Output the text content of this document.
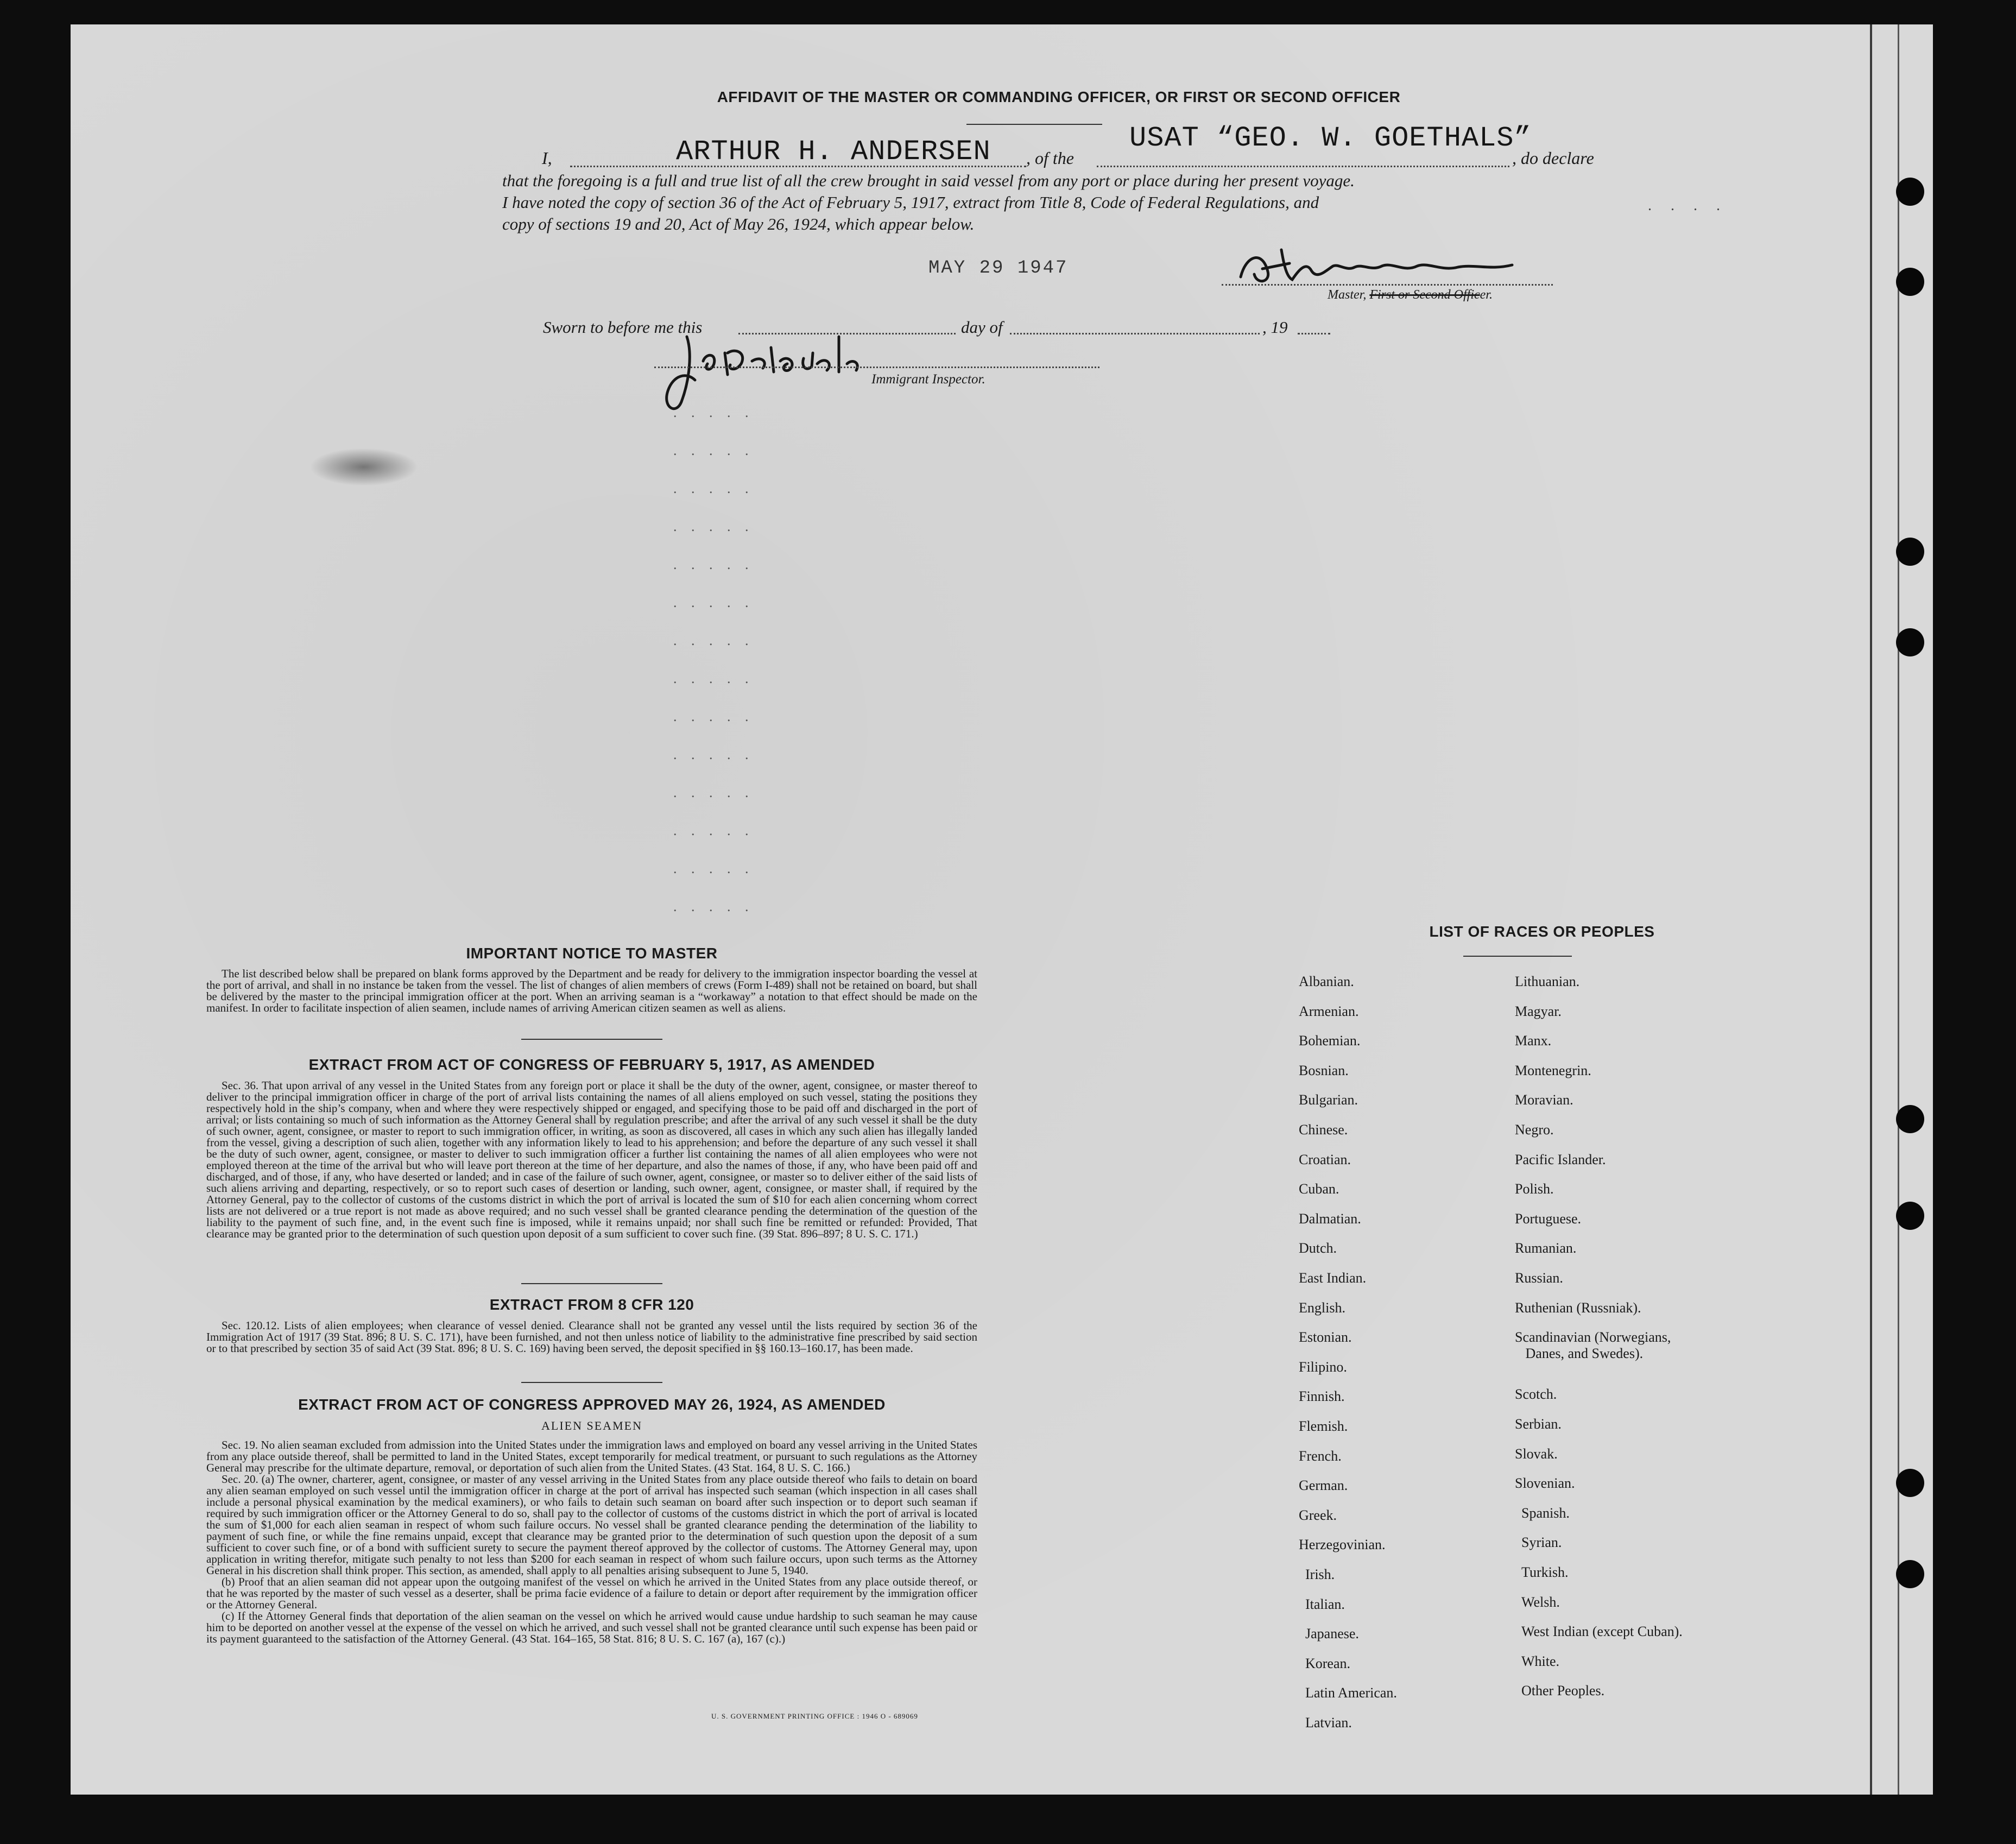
AFFIDAVIT OF THE MASTER OR COMMANDING OFFICER, OR FIRST OR SECOND OFFICER
I,	ARTHUR H. ANDERSEN , of the
USAT “GEO. W. GOETHALS”
, do declare
that the foregoing is a full and true list of all the crew brought in said vessel from any port or place during her present voyage.
I have noted the copy of section 36 of the Act of February 5, 1917, extract from Title 8, Code of Federal Regulations, and	. . . .
copy of sections 19 and 20, Act of May 26, 1924, which appear below.
MAY 29 1947
Master, First or Second Officer.
Sworn to before me this	day of	, 19
Immigrant Inspector.
. . . . .
. . . . .
. . . . .
. . . . .
. . . . .
. . . . .
. . . . .
. . . . .
. . . . .
. . . . .
. . . . .
. . . . .
. . . . .
. . . . .
IMPORTANT NOTICE TO MASTER

The list described below shall be prepared on blank forms approved by the Department and be ready for delivery to the immigration inspector boarding the vessel at the port of arrival, and shall in no instance be taken from the vessel. The list of changes of alien members of crews (Form I-489) shall not be retained on board, but shall be delivered by the master to the principal immigration officer at the port. When an arriving seaman is a “workaway” a notation to that effect should be made on the manifest. In order to facilitate inspection of alien seamen, include names of arriving American citizen seamen as well as aliens.

EXTRACT FROM ACT OF CONGRESS OF FEBRUARY 5, 1917, AS AMENDED

Sec. 36. That upon arrival of any vessel in the United States from any foreign port or place it shall be the duty of the owner, agent, consignee, or master thereof to deliver to the principal immigration officer in charge of the port of arrival lists containing the names of all aliens employed on such vessel, stating the positions they respectively hold in the ship’s company, when and where they were respectively shipped or engaged, and specifying those to be paid off and discharged in the port of arrival; or lists containing so much of such information as the Attorney General shall by regulation prescribe; and after the arrival of any such vessel it shall be the duty of such owner, agent, consignee, or master to report to such immigration officer, in writing, as soon as discovered, all cases in which any such alien has illegally landed from the vessel, giving a description of such alien, together with any information likely to lead to his apprehension; and before the departure of any such vessel it shall be the duty of such owner, agent, consignee, or master to deliver to such immigration officer a further list containing the names of all alien employees who were not employed thereon at the time of the arrival but who will leave port thereon at the time of her departure, and also the names of those, if any, who have been paid off and discharged, and of those, if any, who have deserted or landed; and in case of the failure of such owner, agent, consignee, or master so to deliver either of the said lists of such aliens arriving and departing, respectively, or so to report such cases of desertion or landing, such owner, agent, consignee, or master shall, if required by the Attorney General, pay to the collector of customs of the customs district in which the port of arrival is located the sum of $10 for each alien concerning whom correct lists are not delivered or a true report is not made as above required; and no such vessel shall be granted clearance pending the determination of the question of the liability to the payment of such fine, and, in the event such fine is imposed, while it remains unpaid; nor shall such fine be remitted or refunded: Provided, That clearance may be granted prior to the determination of such question upon deposit of a sum sufficient to cover such fine. (39 Stat. 896–897; 8 U. S. C. 171.)

EXTRACT FROM 8 CFR 120

Sec. 120.12. Lists of alien employees; when clearance of vessel denied. Clearance shall not be granted any vessel until the lists required by section 36 of the Immigration Act of 1917 (39 Stat. 896; 8 U. S. C. 171), have been furnished, and not then unless notice of liability to the administrative fine prescribed by said section or to that prescribed by section 35 of said Act (39 Stat. 896; 8 U. S. C. 169) having been served, the deposit specified in §§ 160.13–160.17, has been made.

EXTRACT FROM ACT OF CONGRESS APPROVED MAY 26, 1924, AS AMENDED
ALIEN SEAMEN

Sec. 19. No alien seaman excluded from admission into the United States under the immigration laws and employed on board any vessel arriving in the United States from any place outside thereof, shall be permitted to land in the United States, except temporarily for medical treatment, or pursuant to such regulations as the Attorney General may prescribe for the ultimate departure, removal, or deportation of such alien from the United States. (43 Stat. 164, 8 U. S. C. 166.)

Sec. 20. (a) The owner, charterer, agent, consignee, or master of any vessel arriving in the United States from any place outside thereof who fails to detain on board any alien seaman employed on such vessel until the immigration officer in charge at the port of arrival has inspected such seaman (which inspection in all cases shall include a personal physical examination by the medical examiners), or who fails to detain such seaman on board after such inspection or to deport such seaman if required by such immigration officer or the Attorney General to do so, shall pay to the collector of customs of the customs district in which the port of arrival is located the sum of $1,000 for each alien seaman in respect of whom such failure occurs. No vessel shall be granted clearance pending the determination of the liability to payment of such fine, or while the fine remains unpaid, except that clearance may be granted prior to the determination of such question upon the deposit of a sum sufficient to cover such fine, or of a bond with sufficient surety to secure the payment thereof approved by the collector of customs. The Attorney General may, upon application in writing therefor, mitigate such penalty to not less than $200 for each seaman in respect of whom such failure occurs, upon such terms as the Attorney General in his discretion shall think proper. This section, as amended, shall apply to all penalties arising subsequent to June 5, 1940.

(b) Proof that an alien seaman did not appear upon the outgoing manifest of the vessel on which he arrived in the United States from any place outside thereof, or that he was reported by the master of such vessel as a deserter, shall be prima facie evidence of a failure to detain or deport after requirement by the immigration officer or the Attorney General.

(c) If the Attorney General finds that deportation of the alien seaman on the vessel on which he arrived would cause undue hardship to such seaman he may cause him to be deported on another vessel at the expense of the vessel on which he arrived, and such vessel shall not be granted clearance until such expense has been paid or its payment guaranteed to the satisfaction of the Attorney General. (43 Stat. 164–165, 58 Stat. 816; 8 U. S. C. 167 (a), 167 (c).)

U. S. GOVERNMENT PRINTING OFFICE : 1946 O - 689069
LIST OF RACES OR PEOPLES
Albanian.
Armenian.
Bohemian.
Bosnian.
Bulgarian.
Chinese.
Croatian.
Cuban.
Dalmatian.
Dutch.
East Indian.
English.
Estonian.
Filipino.
Finnish.
Flemish.
French.
German.
Greek.
Herzegovinian.
Irish.
Italian.
Japanese.
Korean.
Latin American.
Latvian.
Lithuanian.
Magyar.
Manx.
Montenegrin.
Moravian.
Negro.
Pacific Islander.
Polish.
Portuguese.
Rumanian.
Russian.
Ruthenian (Russniak).
Scandinavian (Norwegians,
Danes, and Swedes).
Scotch.
Serbian.
Slovak.
Slovenian.
Spanish.
Syrian.
Turkish.
Welsh.
West Indian (except Cuban).
White.
Other Peoples.
